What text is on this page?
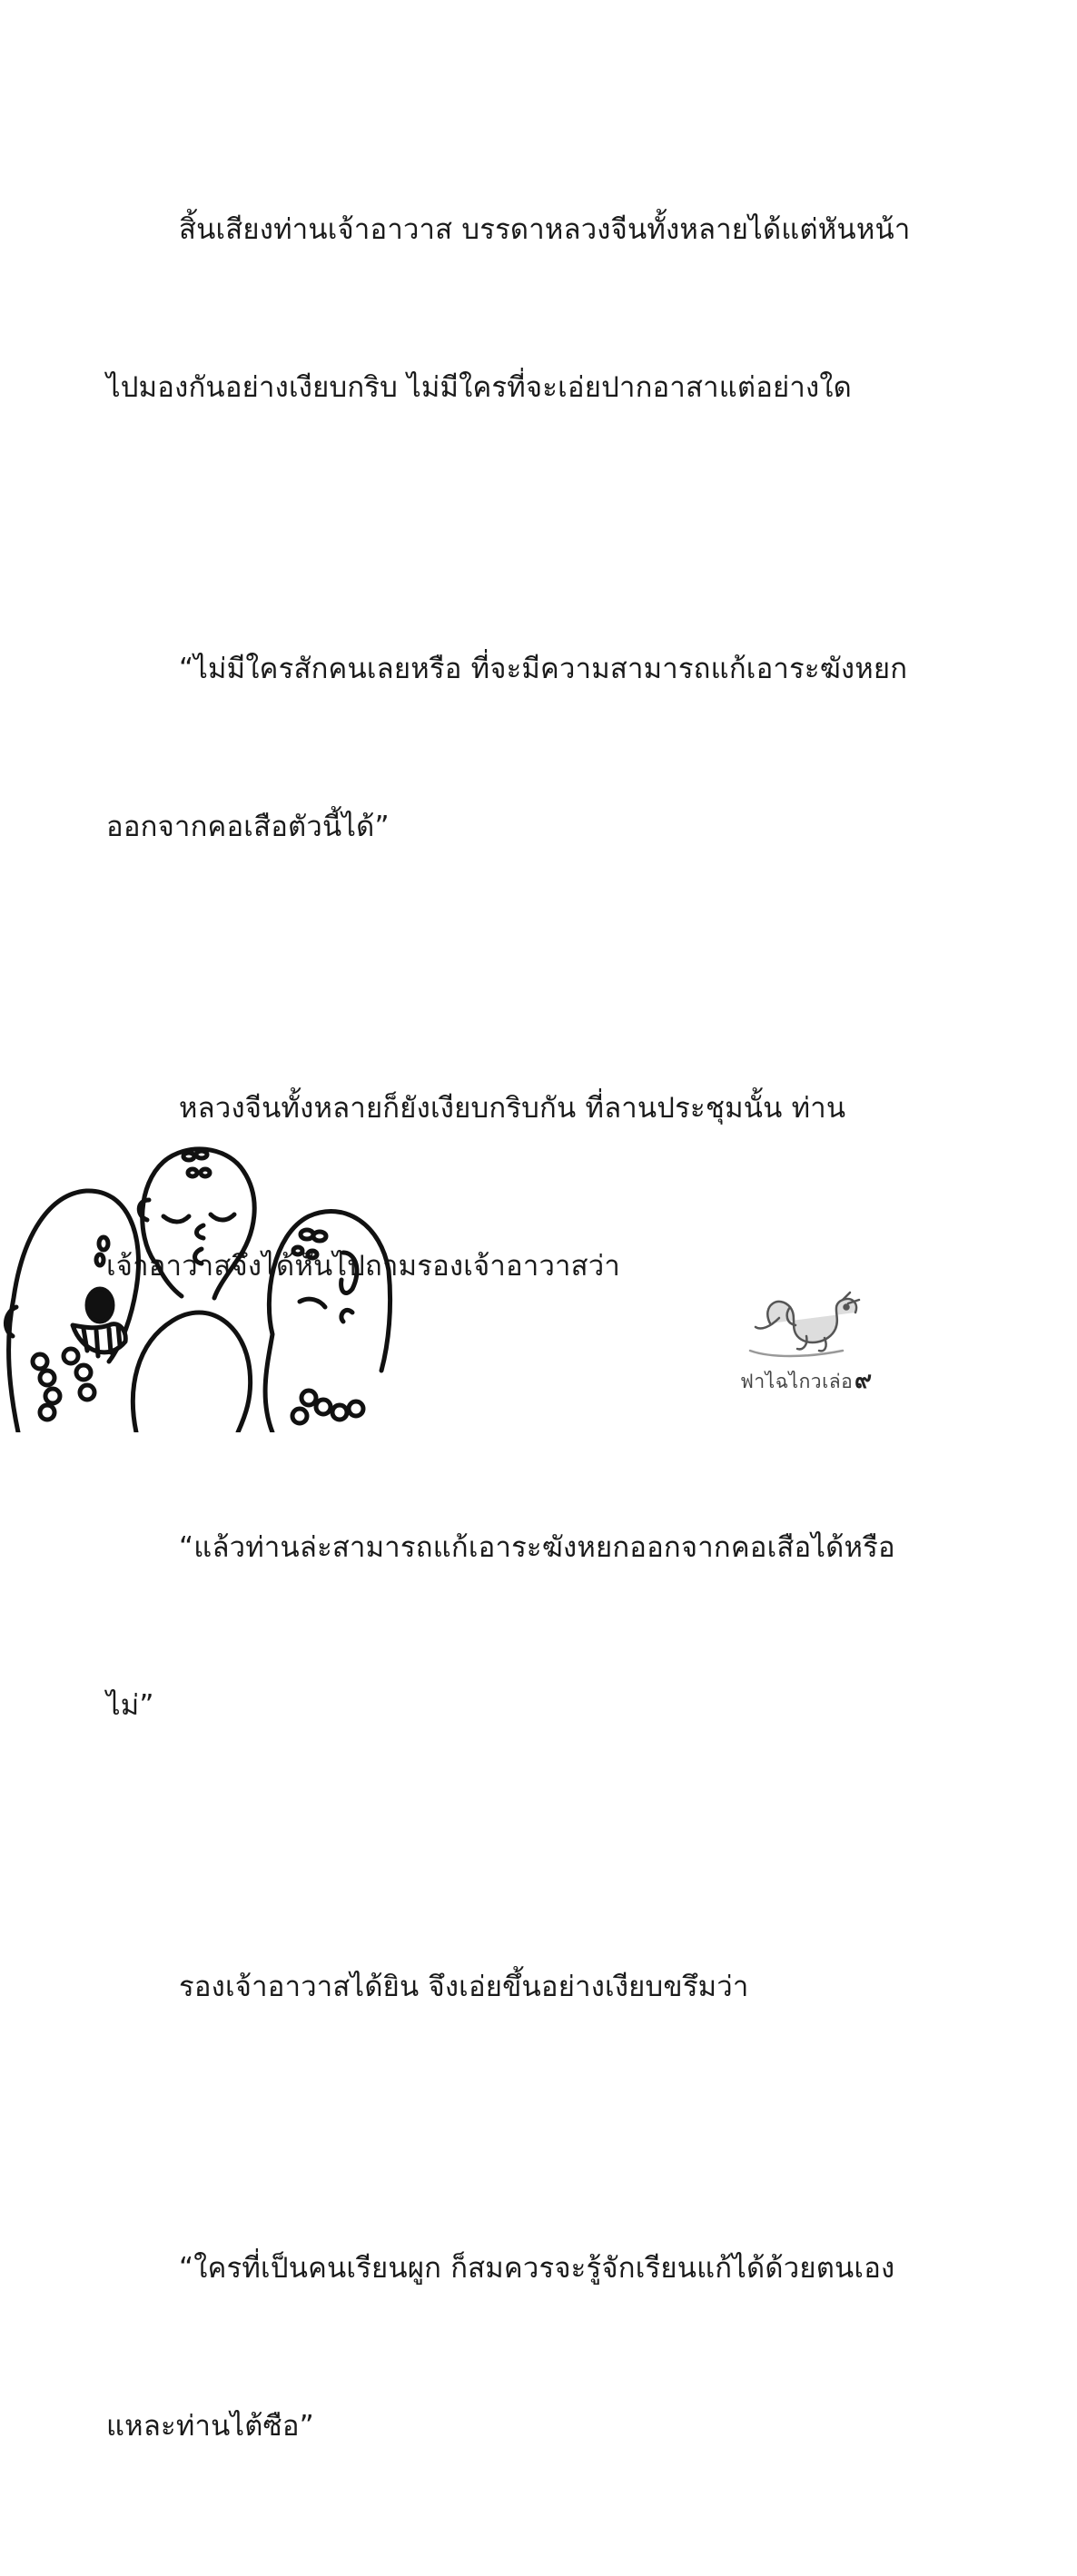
สิ้นเสียงท่านเจ้าอาวาส บรรดาหลวงจีนทั้งหลายได้แต่หันหน้า

ไปมองกันอย่างเงียบกริบ ไม่มีใครที่จะเอ่ยปากอาสาแต่อย่างใด

“ไม่มีใครสักคนเลยหรือ ที่จะมีความสามารถแก้เอาระฆังหยก

ออกจากคอเสือตัวนี้ได้”

หลวงจีนทั้งหลายก็ยังเงียบกริบกัน ที่ลานประชุมนั้น ท่าน

เจ้าอาวาสจึงได้หันไปถามรองเจ้าอาวาสว่า

“แล้วท่านล่ะสามารถแก้เอาระฆังหยกออกจากคอเสือได้หรือ

ไม่”

รองเจ้าอาวาสได้ยิน จึงเอ่ยขึ้นอย่างเงียบขรึมว่า

“ใครที่เป็นคนเรียนผูก ก็สมควรจะรู้จักเรียนแก้ได้ด้วยตนเอง

แหละท่านไต้ซือ”

ฟาไฉไกวเล่อ ๙
